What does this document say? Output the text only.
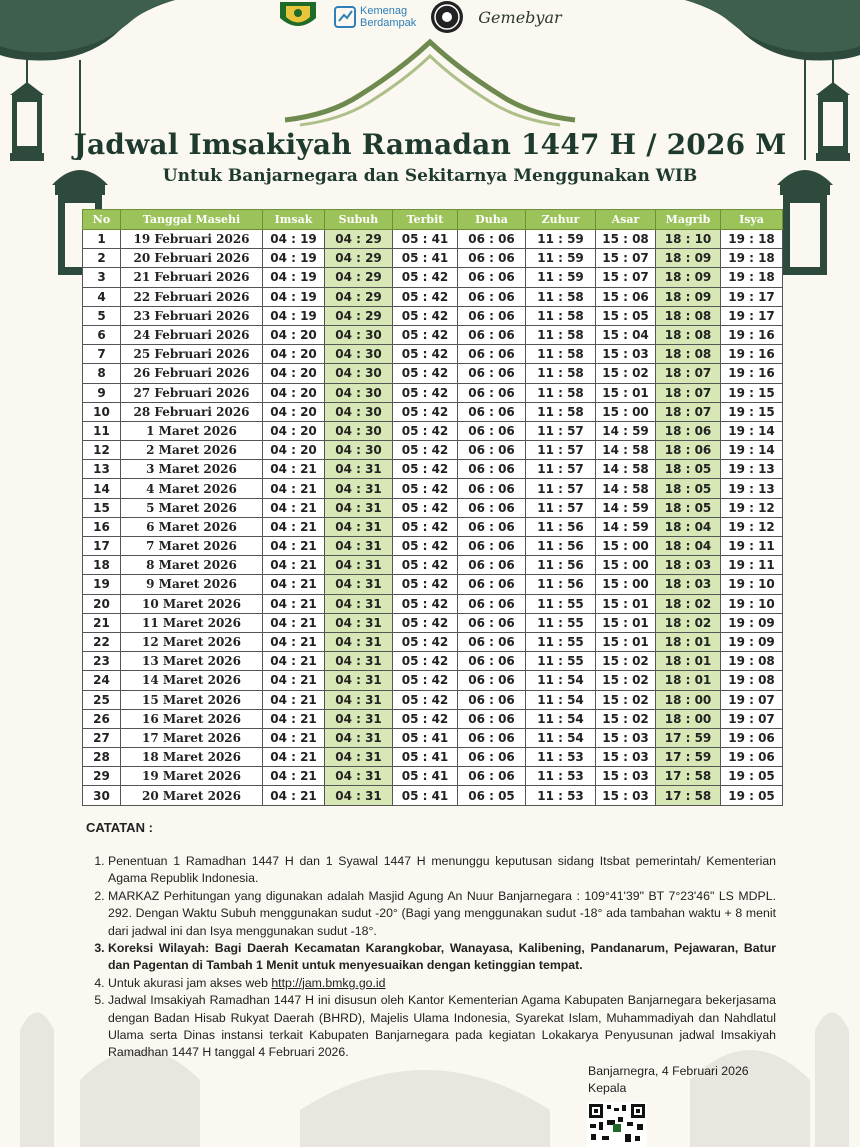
Kemenag
Berdampak	Gemebyar
Jadwal Imsakiyah Ramadan 1447 H / 2026 M
Untuk Banjarnegara dan Sekitarnya Menggunakan WIB
No	Tanggal Masehi	Imsak	Subuh	Terbit	Duha	Zuhur	Asar	Magrib	Isya
1	19 Februari 2026	04 : 19	04 : 29	05 : 41	06 : 06	11 : 59	15 : 08	18 : 10	19 : 18
2	20 Februari 2026	04 : 19	04 : 29	05 : 41	06 : 06	11 : 59	15 : 07	18 : 09	19 : 18
3	21 Februari 2026	04 : 19	04 : 29	05 : 42	06 : 06	11 : 59	15 : 07	18 : 09	19 : 18
4	22 Februari 2026	04 : 19	04 : 29	05 : 42	06 : 06	11 : 58	15 : 06	18 : 09	19 : 17
5	23 Februari 2026	04 : 19	04 : 29	05 : 42	06 : 06	11 : 58	15 : 05	18 : 08	19 : 17
6	24 Februari 2026	04 : 20	04 : 30	05 : 42	06 : 06	11 : 58	15 : 04	18 : 08	19 : 16
7	25 Februari 2026	04 : 20	04 : 30	05 : 42	06 : 06	11 : 58	15 : 03	18 : 08	19 : 16
8	26 Februari 2026	04 : 20	04 : 30	05 : 42	06 : 06	11 : 58	15 : 02	18 : 07	19 : 16
9	27 Februari 2026	04 : 20	04 : 30	05 : 42	06 : 06	11 : 58	15 : 01	18 : 07	19 : 15
10	28 Februari 2026	04 : 20	04 : 30	05 : 42	06 : 06	11 : 58	15 : 00	18 : 07	19 : 15
11	1 Maret 2026	04 : 20	04 : 30	05 : 42	06 : 06	11 : 57	14 : 59	18 : 06	19 : 14
12	2 Maret 2026	04 : 20	04 : 30	05 : 42	06 : 06	11 : 57	14 : 58	18 : 06	19 : 14
13	3 Maret 2026	04 : 21	04 : 31	05 : 42	06 : 06	11 : 57	14 : 58	18 : 05	19 : 13
14	4 Maret 2026	04 : 21	04 : 31	05 : 42	06 : 06	11 : 57	14 : 58	18 : 05	19 : 13
15	5 Maret 2026	04 : 21	04 : 31	05 : 42	06 : 06	11 : 57	14 : 59	18 : 05	19 : 12
16	6 Maret 2026	04 : 21	04 : 31	05 : 42	06 : 06	11 : 56	14 : 59	18 : 04	19 : 12
17	7 Maret 2026	04 : 21	04 : 31	05 : 42	06 : 06	11 : 56	15 : 00	18 : 04	19 : 11
18	8 Maret 2026	04 : 21	04 : 31	05 : 42	06 : 06	11 : 56	15 : 00	18 : 03	19 : 11
19	9 Maret 2026	04 : 21	04 : 31	05 : 42	06 : 06	11 : 56	15 : 00	18 : 03	19 : 10
20	10 Maret 2026	04 : 21	04 : 31	05 : 42	06 : 06	11 : 55	15 : 01	18 : 02	19 : 10
21	11 Maret 2026	04 : 21	04 : 31	05 : 42	06 : 06	11 : 55	15 : 01	18 : 02	19 : 09
22	12 Maret 2026	04 : 21	04 : 31	05 : 42	06 : 06	11 : 55	15 : 01	18 : 01	19 : 09
23	13 Maret 2026	04 : 21	04 : 31	05 : 42	06 : 06	11 : 55	15 : 02	18 : 01	19 : 08
24	14 Maret 2026	04 : 21	04 : 31	05 : 42	06 : 06	11 : 54	15 : 02	18 : 01	19 : 08
25	15 Maret 2026	04 : 21	04 : 31	05 : 42	06 : 06	11 : 54	15 : 02	18 : 00	19 : 07
26	16 Maret 2026	04 : 21	04 : 31	05 : 42	06 : 06	11 : 54	15 : 02	18 : 00	19 : 07
27	17 Maret 2026	04 : 21	04 : 31	05 : 41	06 : 06	11 : 54	15 : 03	17 : 59	19 : 06
28	18 Maret 2026	04 : 21	04 : 31	05 : 41	06 : 06	11 : 53	15 : 03	17 : 59	19 : 06
29	19 Maret 2026	04 : 21	04 : 31	05 : 41	06 : 06	11 : 53	15 : 03	17 : 58	19 : 05
30	20 Maret 2026	04 : 21	04 : 31	05 : 41	06 : 05	11 : 53	15 : 03	17 : 58	19 : 05
CATATAN :
1. Penentuan 1 Ramadhan 1447 H dan 1 Syawal 1447 H menunggu keputusan sidang Itsbat pemerintah/ Kementerian Agama Republik Indonesia.
2. MARKAZ Perhitungan yang digunakan adalah Masjid Agung An Nuur Banjarnegara : 109°41'39" BT 7°23'46" LS MDPL. 292. Dengan Waktu Subuh menggunakan sudut -20° (Bagi yang menggunakan sudut -18° ada tambahan waktu + 8 menit dari jadwal ini dan Isya menggunakan sudut -18°.
3. Koreksi Wilayah: Bagi Daerah Kecamatan Karangkobar, Wanayasa, Kalibening, Pandanarum, Pejawaran, Batur dan Pagentan di Tambah 1 Menit untuk menyesuaikan dengan ketinggian tempat.
4. Untuk akurasi jam akses web http://jam.bmkg.go.id
5. Jadwal Imsakiyah Ramadhan 1447 H ini disusun oleh Kantor Kementerian Agama Kabupaten Banjarnegara bekerjasama dengan Badan Hisab Rukyat Daerah (BHRD), Majelis Ulama Indonesia, Syarekat Islam, Muhammadiyah dan Nahdlatul Ulama serta Dinas instansi terkait Kabupaten Banjarnegara pada kegiatan Lokakarya Penyusunan jadwal Imsakiyah Ramadhan 1447 H tanggal 4 Februari 2026.
Banjarnegra, 4 Februari 2026
Kepala
